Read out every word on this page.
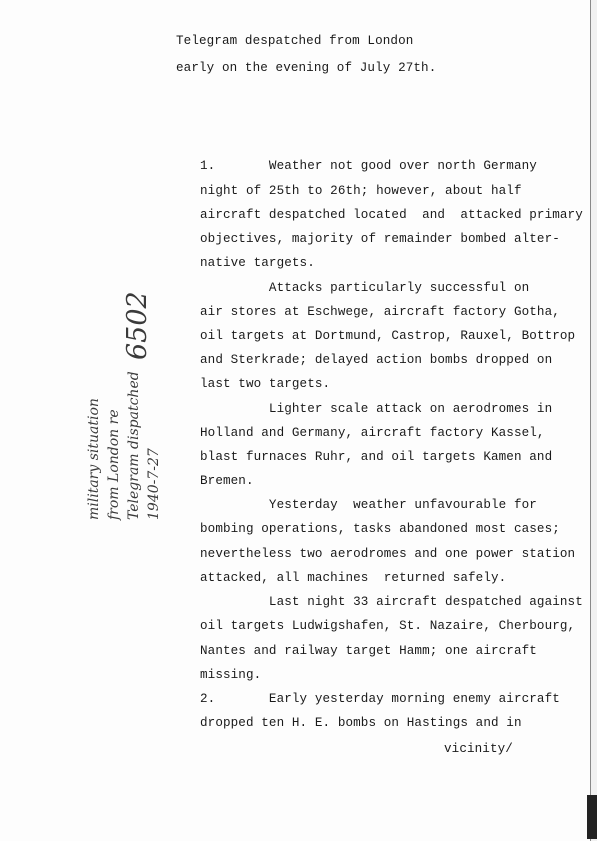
Telegram despatched from London
early on the evening of July 27th.
1.       Weather not good over north Germany
night of 25th to 26th; however, about half
aircraft despatched located  and  attacked primary
objectives, majority of remainder bombed alter-
native targets.
Attacks particularly successful on
air stores at Eschwege, aircraft factory Gotha,
oil targets at Dortmund, Castrop, Rauxel, Bottrop
and Sterkrade; delayed action bombs dropped on
last two targets.
Lighter scale attack on aerodromes in
Holland and Germany, aircraft factory Kassel,
blast furnaces Ruhr, and oil targets Kamen and
Bremen.
Yesterday  weather unfavourable for
bombing operations, tasks abandoned most cases;
nevertheless two aerodromes and one power station
attacked, all machines  returned safely.
Last night 33 aircraft despatched against
oil targets Ludwigshafen, St. Nazaire, Cherbourg,
Nantes and railway target Hamm; one aircraft
missing.
2.       Early yesterday morning enemy aircraft
dropped ten H. E. bombs on Hastings and in
vicinity/
6502
1940-7-27
Telegram dispatched
from London re
military situation
